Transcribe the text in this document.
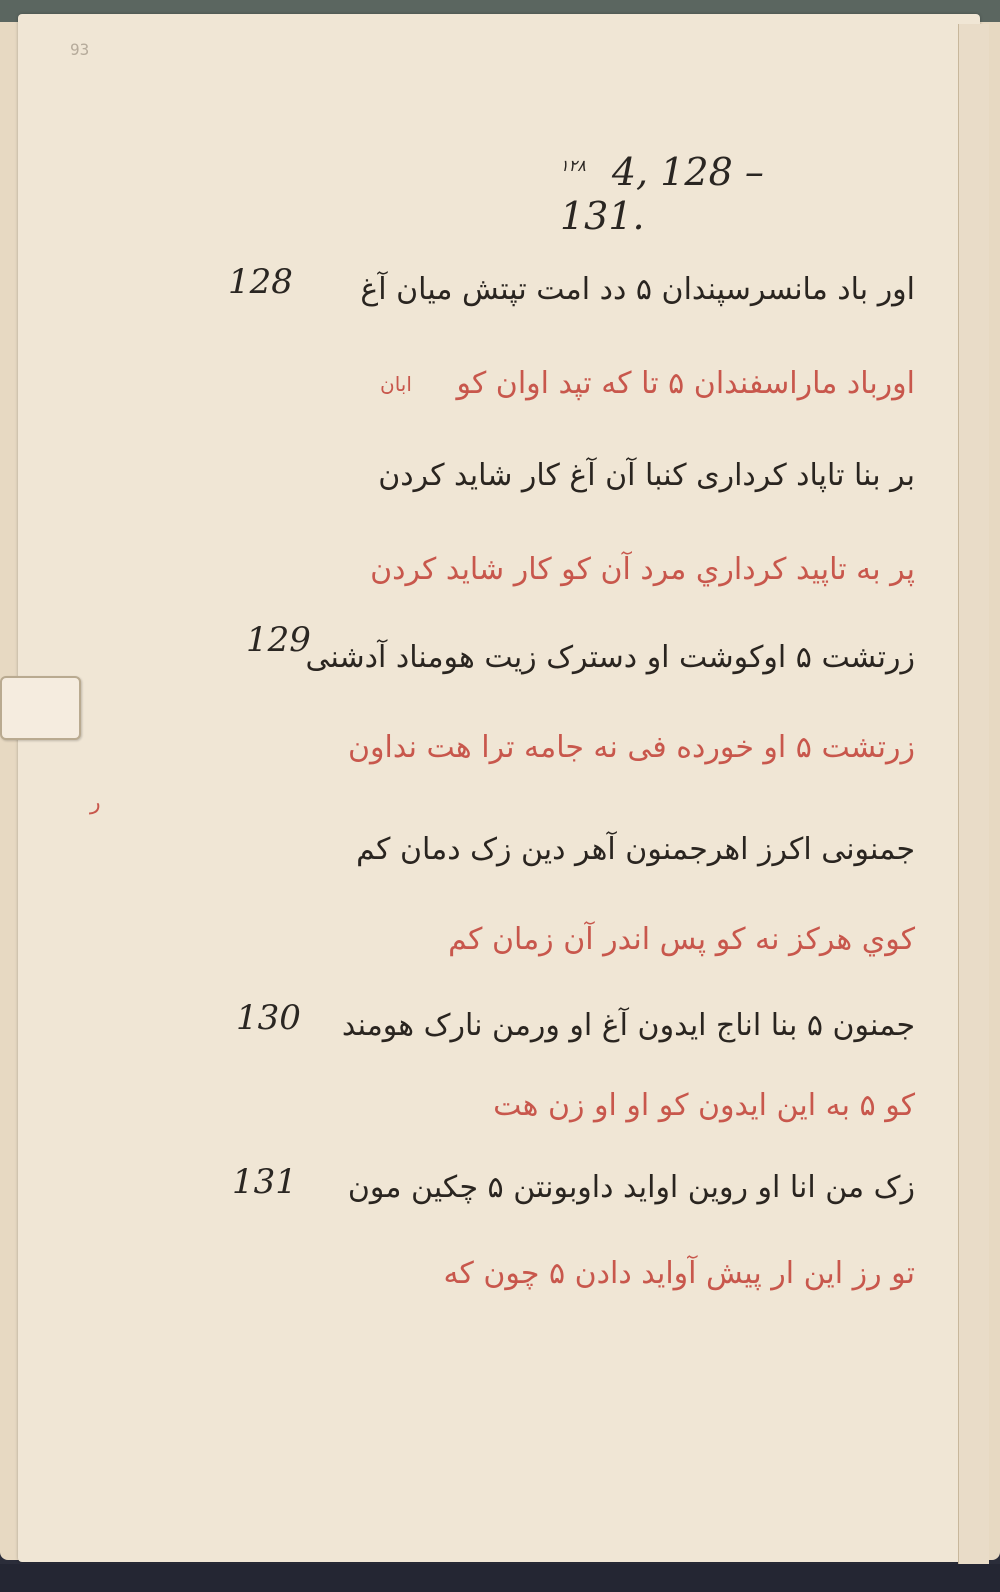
93
$^{١٢٨}$ 4, 128 – 131.
128
129
130
131
اور باد مانسرسپندان ۵ دد امت تپتش میان آغ
اورباد ماراسفندان ۵ تا که تپد اوان کو
ابان
بر بنا تاپاد کرداری کنبا آن آغ کار شاید کردن
پر به تاپید کرداري مرد آن کو کار شاید کردن
زرتشت ۵ اوکوشت او دسترک زیت هومناد آدشنی
زرتشت ۵ او خورده فی نه جامه ترا هت نداون
جمنونی اکرز اهرجمنون آهر دین زک دمان کم
کوي هرکز نه کو پس اندر آن زمان کم
جمنون ۵ بنا اناج ایدون آغ او ورمن نارک هومند
کو ۵ به این ایدون کو او او زن هت
زک من انا او روین اواید داوبونتن ۵ چکین مون
تو رز این ار پیش آواید دادن ۵ چون که
ر
